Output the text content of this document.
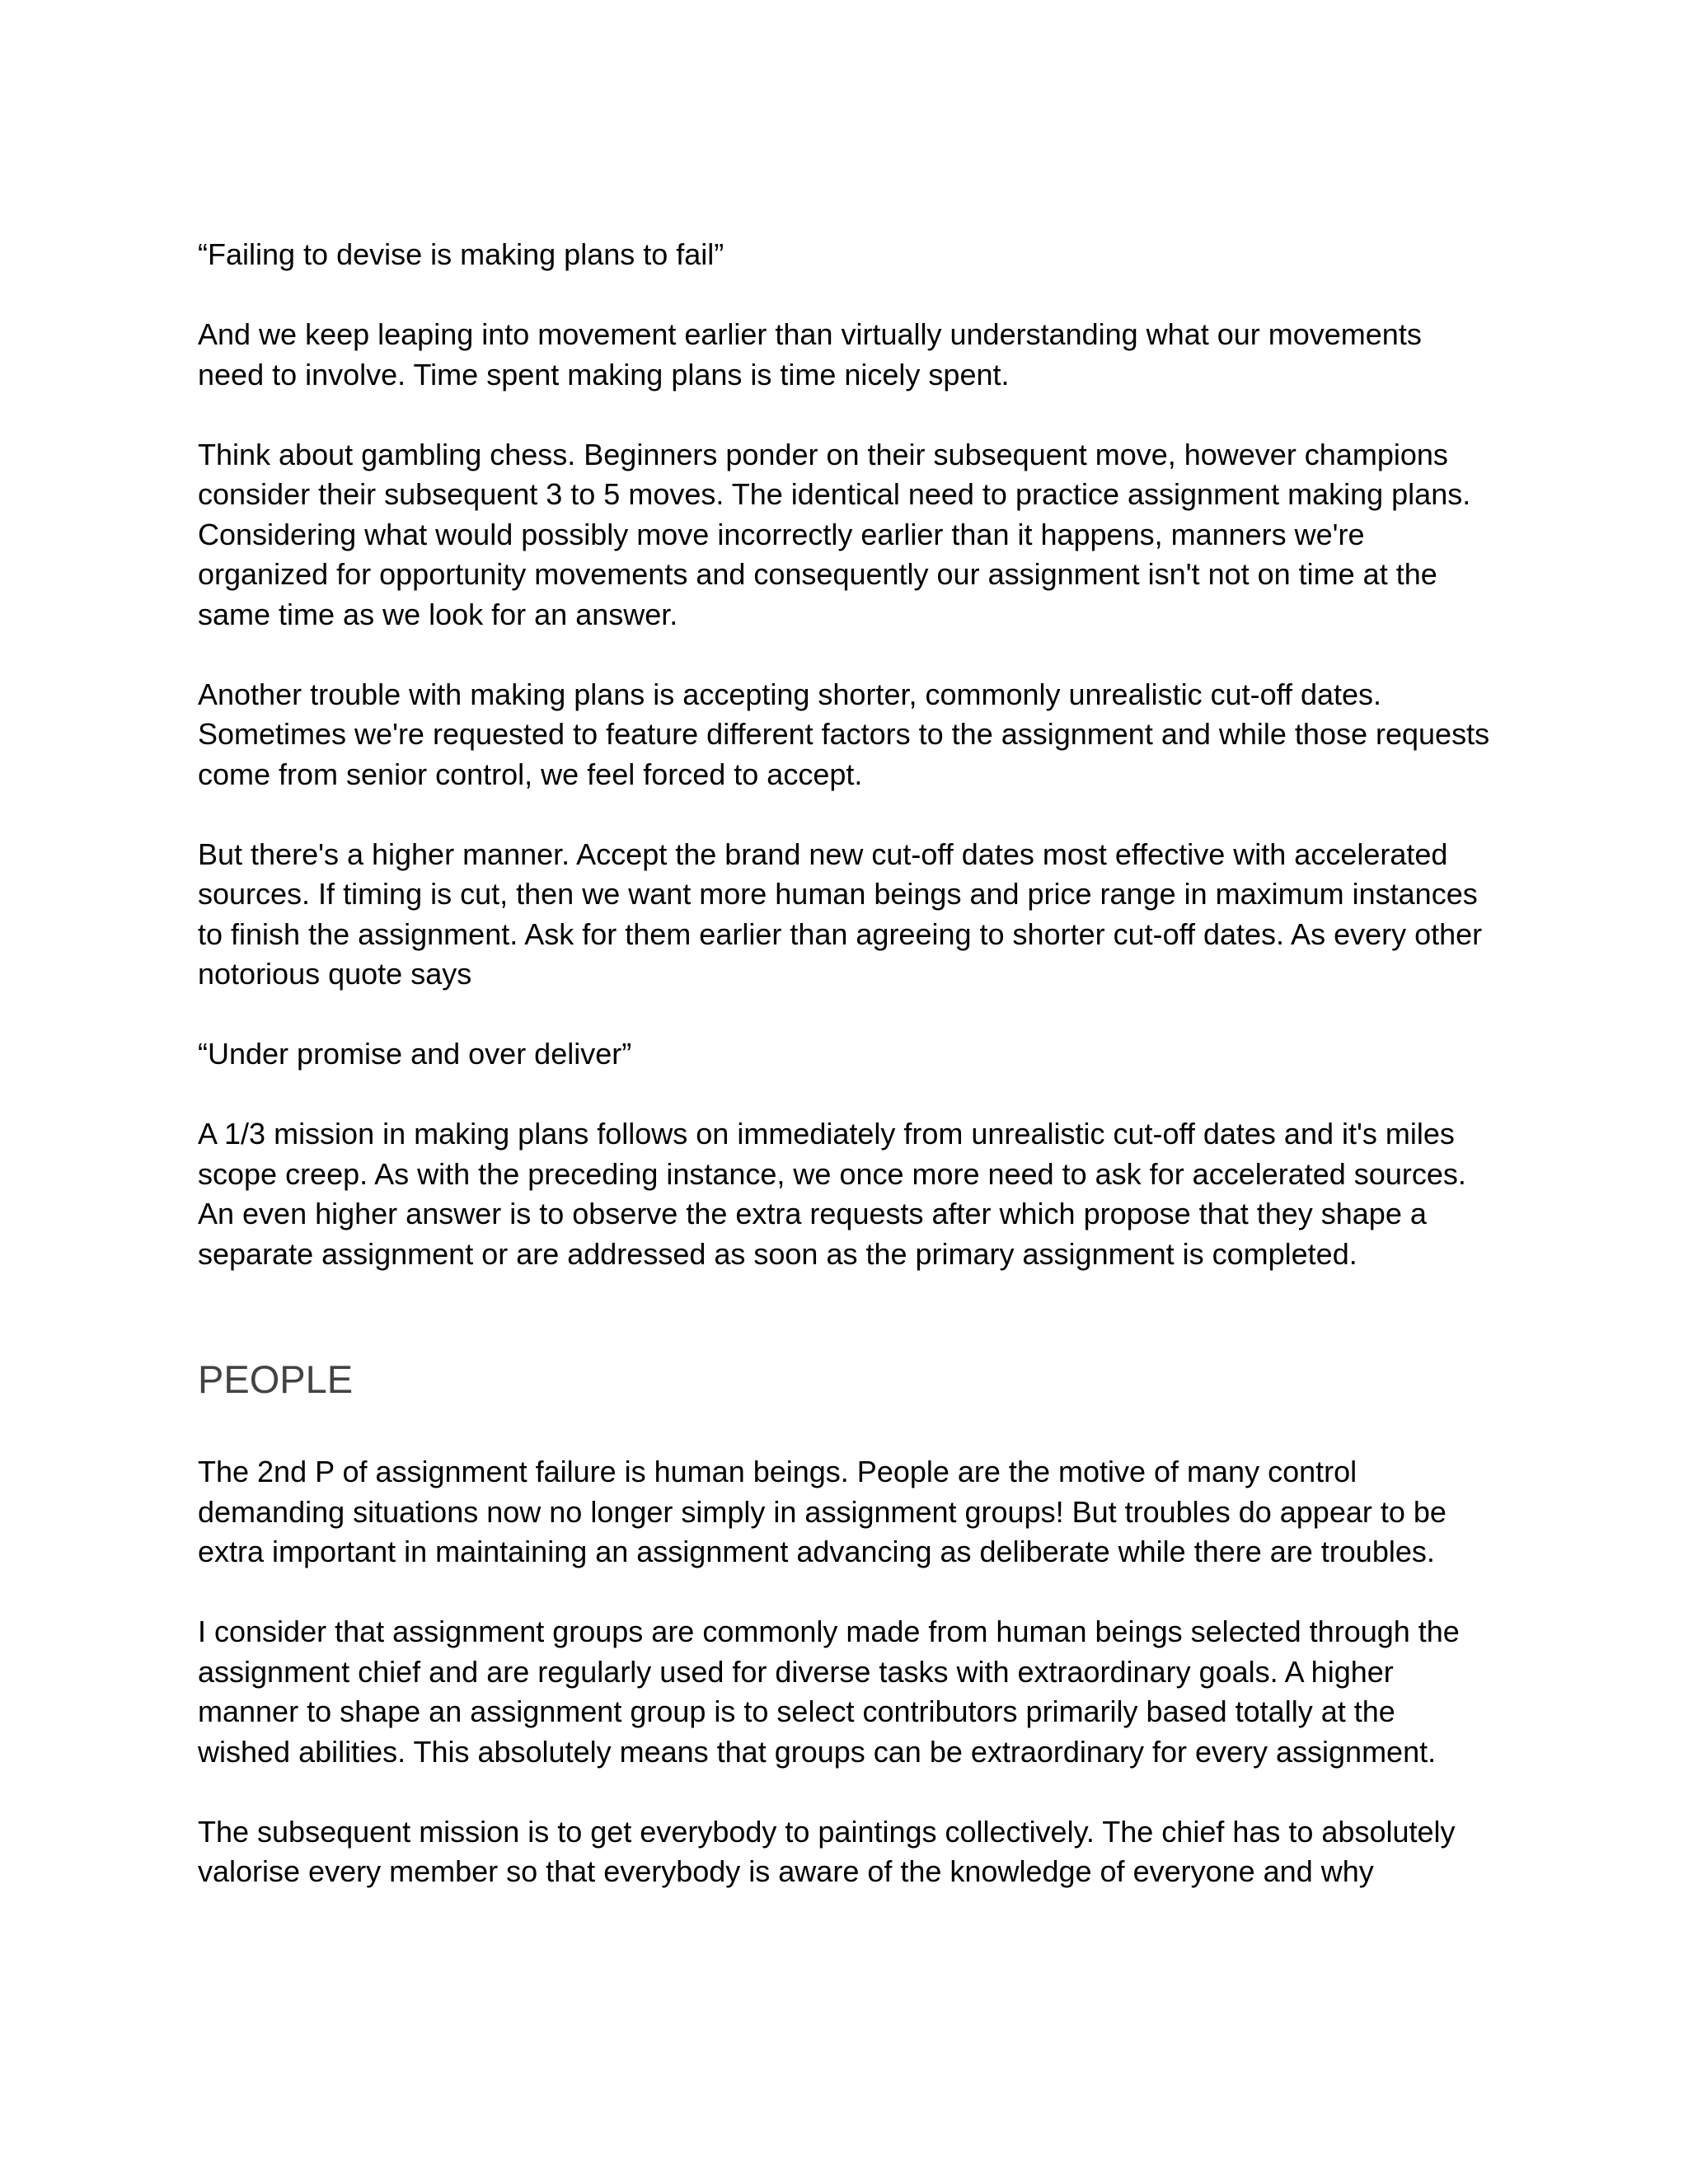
“Failing to devise is making plans to fail”

And we keep leaping into movement earlier than virtually understanding what our movements need to involve. Time spent making plans is time nicely spent.

Think about gambling chess. Beginners ponder on their subsequent move, however champions consider their subsequent 3 to 5 moves. The identical need to practice assignment making plans. Considering what would possibly move incorrectly earlier than it happens, manners we're organized for opportunity movements and consequently our assignment isn't not on time at the same time as we look for an answer.

Another trouble with making plans is accepting shorter, commonly unrealistic cut-off dates. Sometimes we're requested to feature different factors to the assignment and while those requests come from senior control, we feel forced to accept.

But there's a higher manner. Accept the brand new cut-off dates most effective with accelerated sources. If timing is cut, then we want more human beings and price range in maximum instances to finish the assignment. Ask for them earlier than agreeing to shorter cut-off dates. As every other notorious quote says

“Under promise and over deliver”

A 1/3 mission in making plans follows on immediately from unrealistic cut-off dates and it's miles scope creep. As with the preceding instance, we once more need to ask for accelerated sources. An even higher answer is to observe the extra requests after which propose that they shape a separate assignment or are addressed as soon as the primary assignment is completed.

PEOPLE

The 2nd P of assignment failure is human beings. People are the motive of many control demanding situations now no longer simply in assignment groups! But troubles do appear to be extra important in maintaining an assignment advancing as deliberate while there are troubles.

I consider that assignment groups are commonly made from human beings selected through the assignment chief and are regularly used for diverse tasks with extraordinary goals. A higher manner to shape an assignment group is to select contributors primarily based totally at the wished abilities. This absolutely means that groups can be extraordinary for every assignment.

The subsequent mission is to get everybody to paintings collectively. The chief has to absolutely valorise every member so that everybody is aware of the knowledge of everyone and why
